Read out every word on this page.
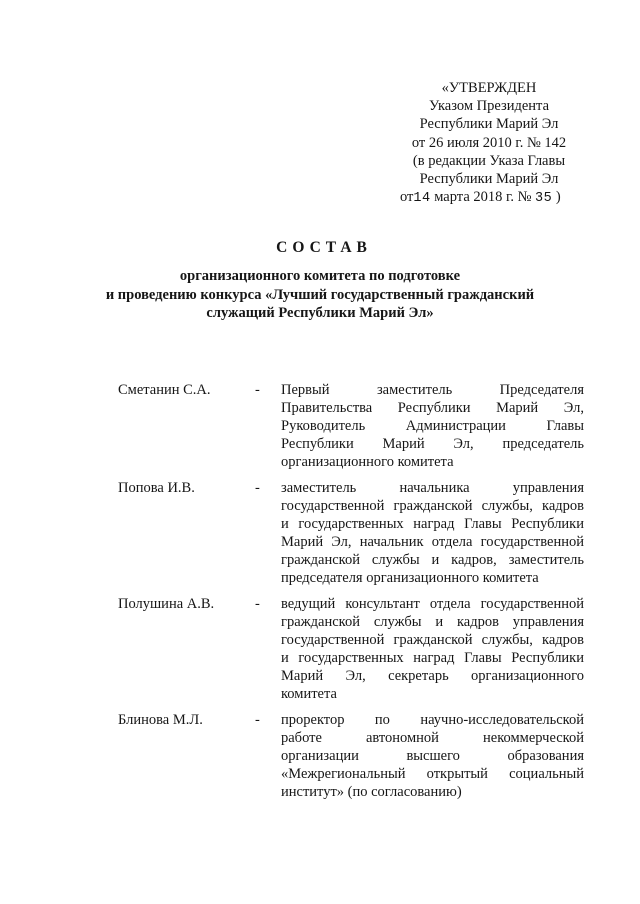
«УТВЕРЖДЕН
Указом Президента
Республики Марий Эл
от 26 июля 2010 г. № 142
(в редакции Указа Главы
Республики Марий Эл
от14 марта 2018 г. № 35 )
СОСТАВ
организационного комитета по подготовке
и проведению конкурса «Лучший государственный гражданский
служащий Республики Марий Эл»
Сметанин С.А.	- Первый заместитель Председателя
Правительства Республики Марий Эл,
Руководитель Администрации Главы
Республики Марий Эл, председатель
организационного комитета
Попова И.В.	- заместитель начальника управления
государственной гражданской службы, кадров
и государственных наград Главы Республики
Марий Эл, начальник отдела государственной
гражданской службы и кадров, заместитель
председателя организационного комитета
Полушина А.В.	- ведущий консультант отдела государственной
гражданской службы и кадров управления
государственной гражданской службы, кадров
и государственных наград Главы Республики
Марий Эл, секретарь организационного
комитета
Блинова М.Л.	- проректор по научно-исследовательской
работе автономной некоммерческой
организации высшего образования
«Межрегиональный открытый социальный
институт» (по согласованию)
